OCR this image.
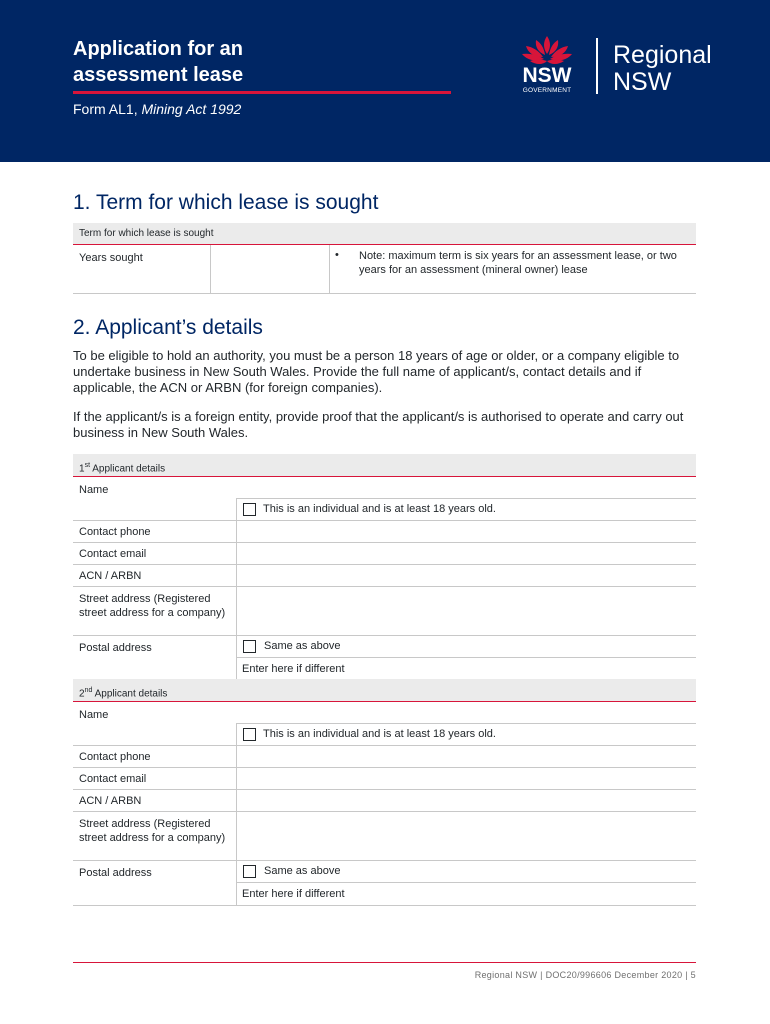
Application for an
assessment lease
Form AL1, Mining Act 1992
NSW
GOVERNMENT
Regional
NSW
1. Term for which lease is sought
Term for which lease is sought
Years sought	• Note: maximum term is six years for an assessment lease, or two years for an assessment (mineral owner) lease
2. Applicant’s details

To be eligible to hold an authority, you must be a person 18 years of age or older, or a company eligible to undertake business in New South Wales. Provide the full name of applicant/s, contact details and if applicable, the ACN or ARBN (for foreign companies).

If the applicant/s is a foreign entity, provide proof that the applicant/s is authorised to operate and carry out business in New South Wales.

1st Applicant details
Name
This is an individual and is at least 18 years old.
Contact phone
Contact email
ACN / ARBN
Street address (Registered street address for a company)
Postal address	Same as above
Enter here if different
2nd Applicant details
Name
This is an individual and is at least 18 years old.
Contact phone
Contact email
ACN / ARBN
Street address (Registered street address for a company)
Postal address	Same as above
Enter here if different
Regional NSW | DOC20/996606 December 2020 | 5
